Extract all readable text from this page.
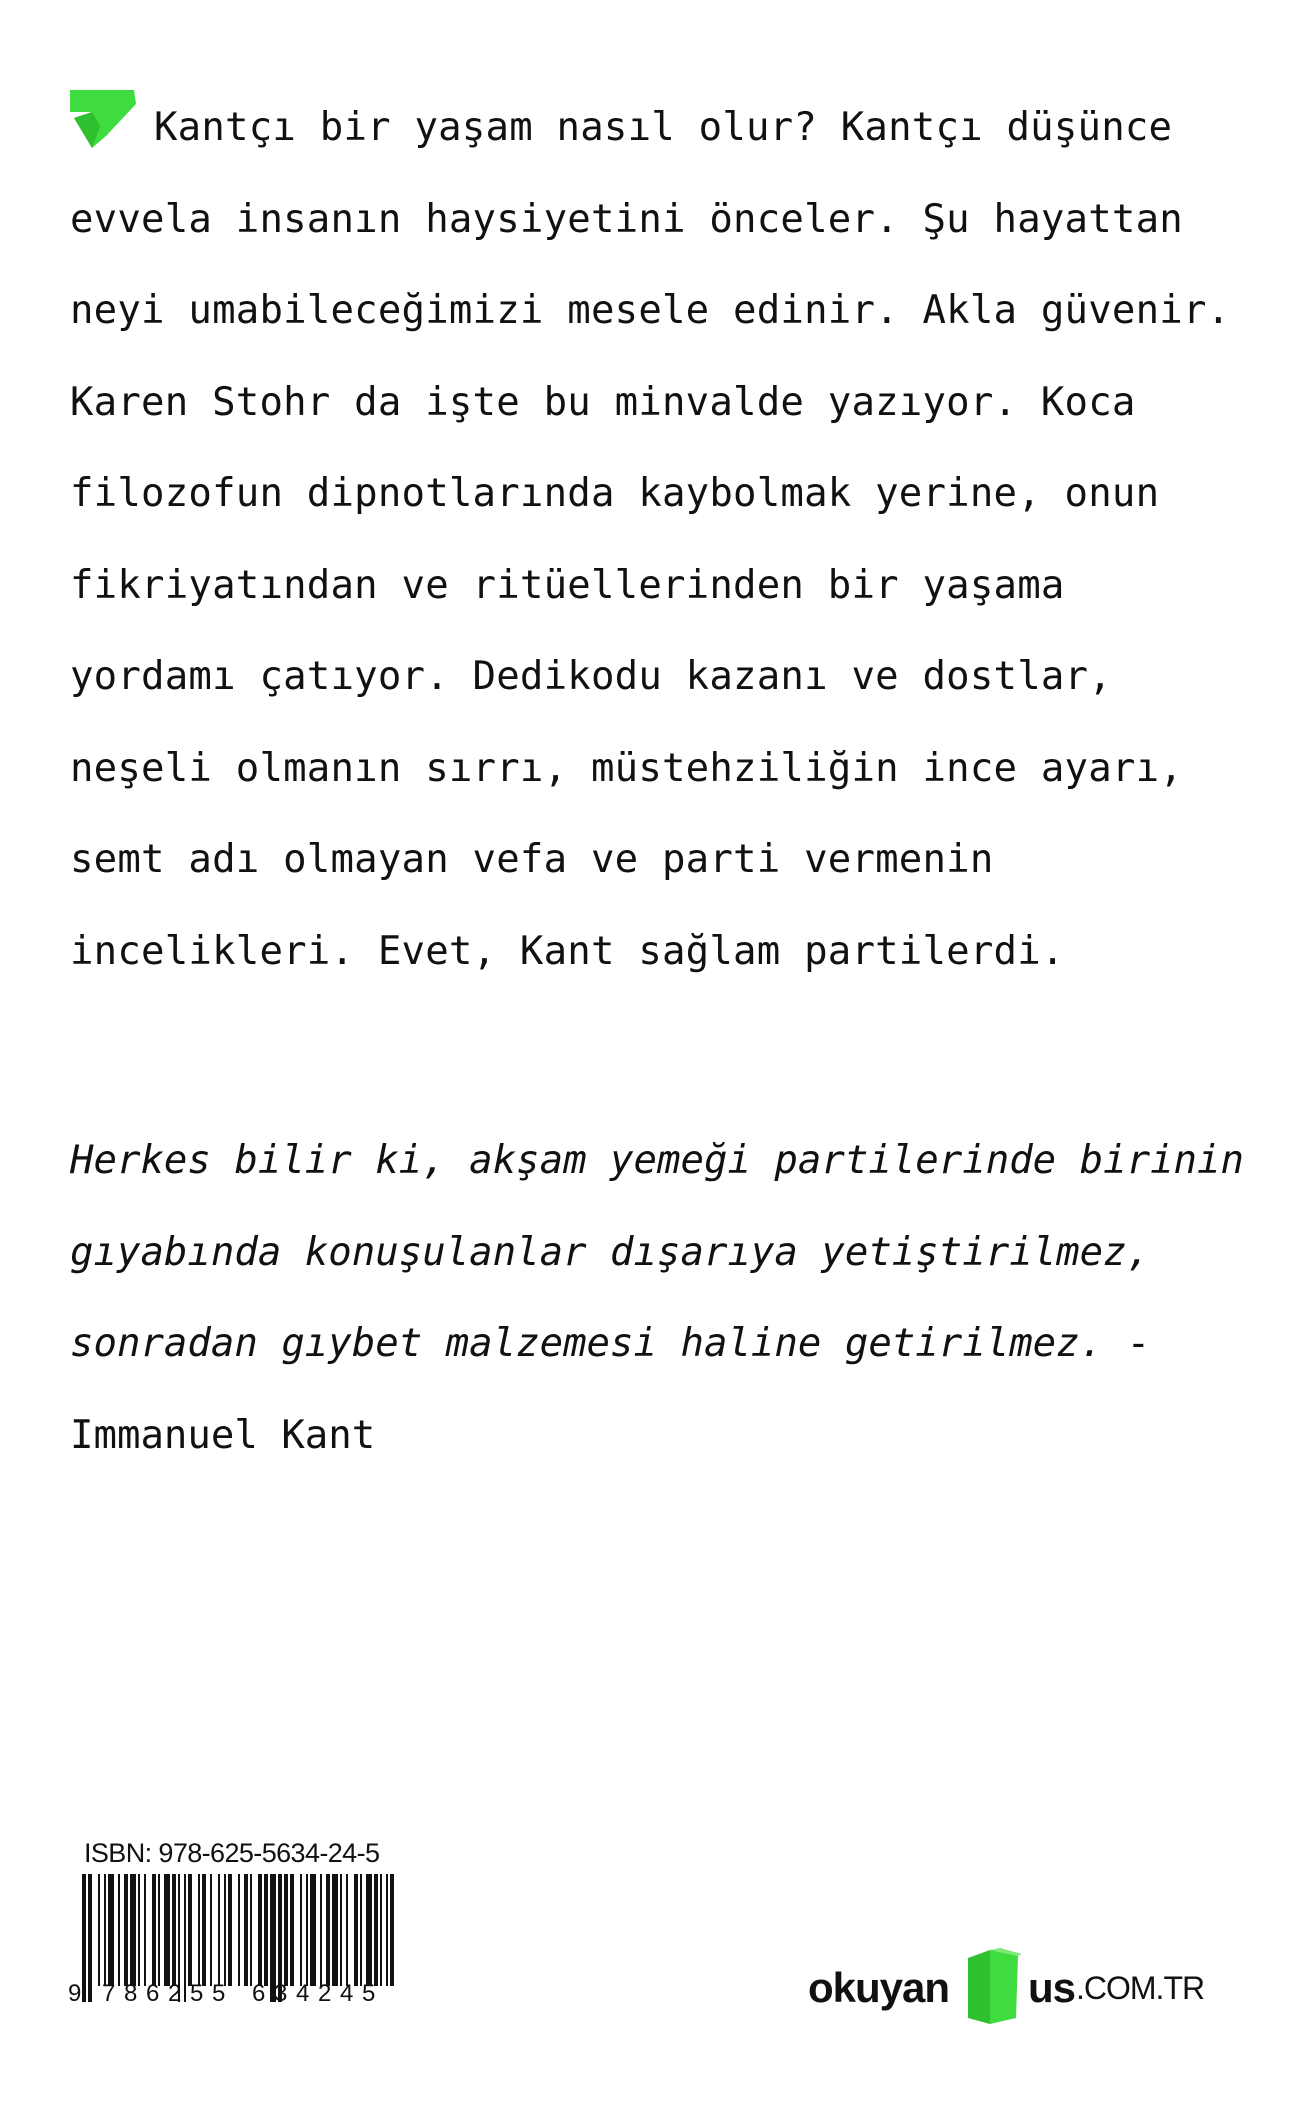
Kantçı bir yaşam nasıl olur? Kantçı düşünce evvela insanın haysiyetini önceler. Şu hayattan neyi umabileceğimizi mesele edinir. Akla güvenir. Karen Stohr da işte bu minvalde yazıyor. Koca filozofun dipnotlarında kaybolmak yerine, onun fikriyatından ve ritüellerinden bir yaşama yordamı çatıyor. Dedikodu kazanı ve dostlar, neşeli olmanın sırrı, müstehziliğin ince ayarı, semt adı olmayan vefa ve parti vermenin incelikleri. Evet, Kant sağlam partilerdi.

Herkes bilir ki, akşam yemeği partilerinde birinin gıyabında konuşulanlar dışarıya yetiştirilmez, sonradan gıybet malzemesi haline getirilmez. - Immanuel Kant

ISBN: 978-625-5634-24-5

9 7 8 6 2 5 5 6 3 4 2 4 5	okuyan us .COM.TR
